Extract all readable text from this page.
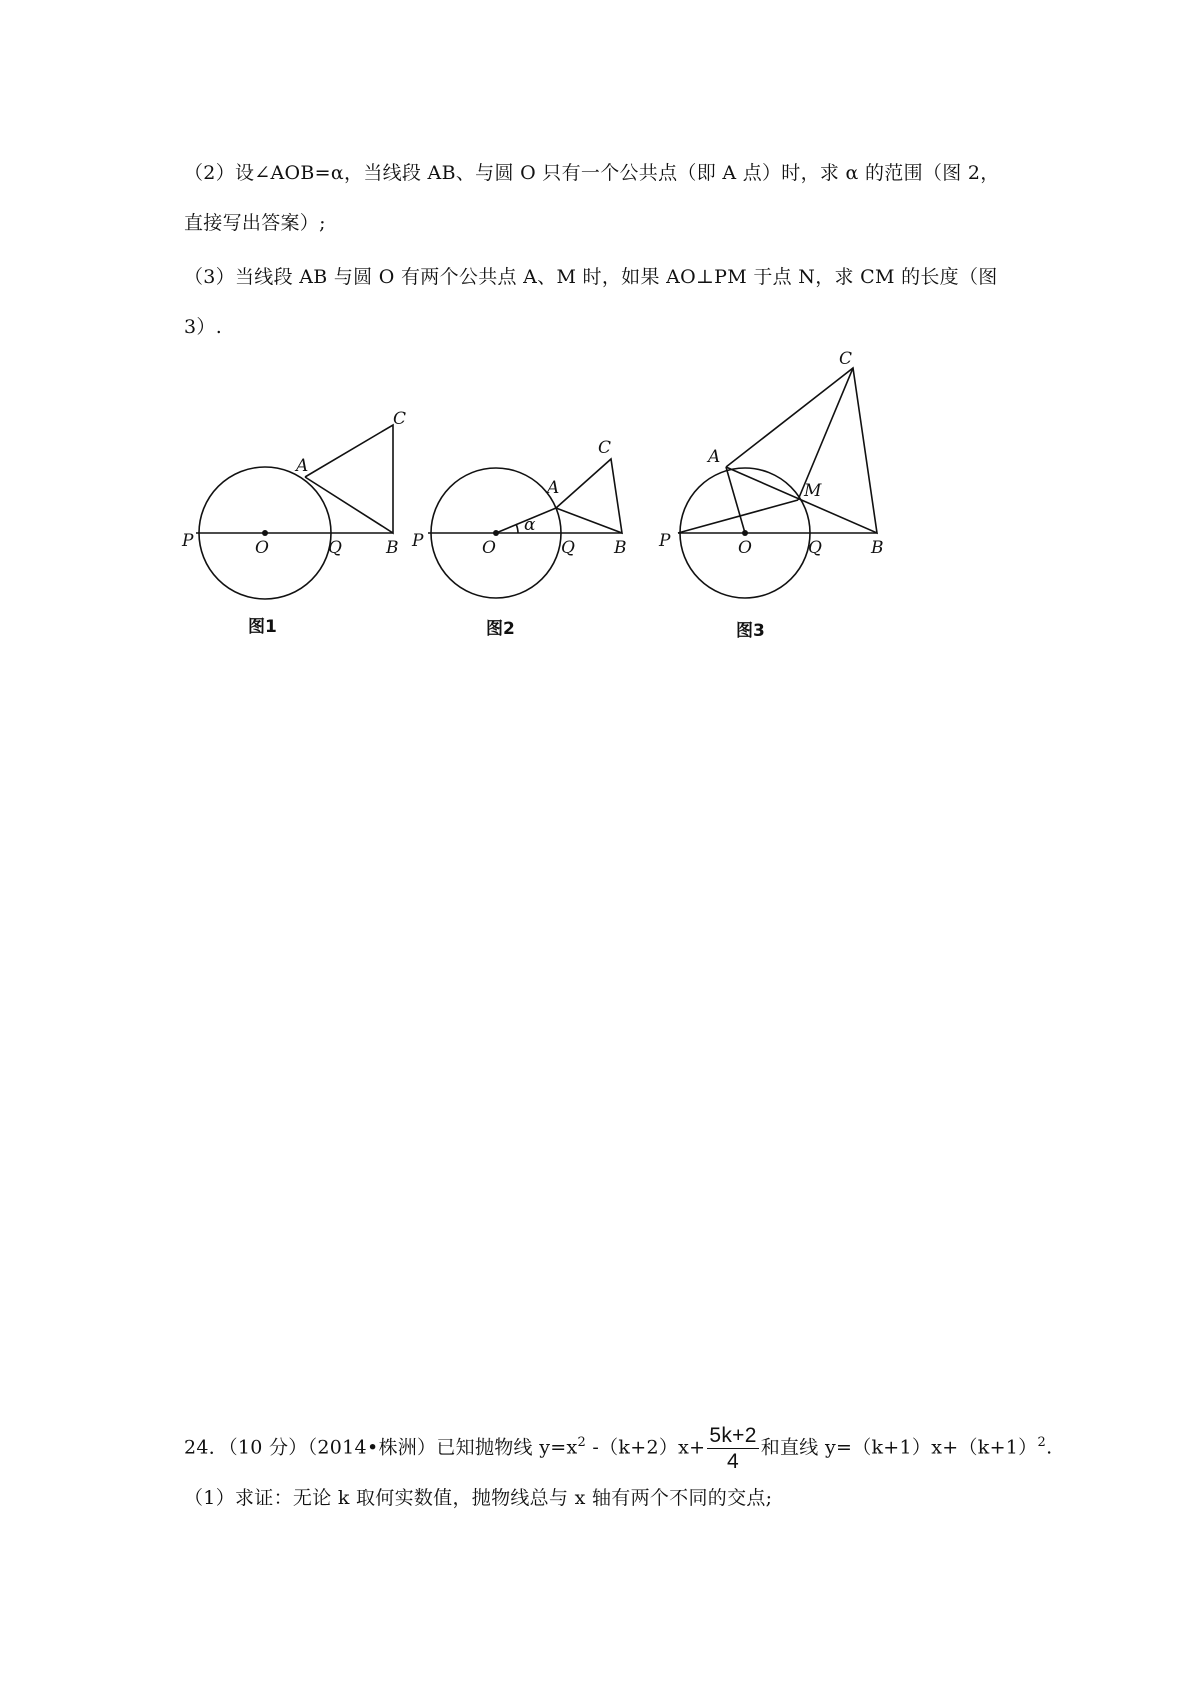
（2）设∠AOB=α，当线段 AB、与圆 O 只有一个公共点（即 A 点）时，求 α 的范围（图 2，
直接写出答案）;
（3）当线段 AB 与圆 O 有两个公共点 A、M 时，如果 AO⊥PM 于点 N，求 CM 的长度（图
3）.
P	O	Q	B
A
C
图1
P	O	Q B
A
C
α
图2
P	O	Q	B
A
M
C
图3
24．（10 分）（2014•株洲）已知抛物线 $y=x^2$ $-(k+2)x+ \frac{5k+2}{4}$ 和直线 $y=(k+1)x+(k+1)^2$.
（1）求证：无论 k 取何实数值，抛物线总与 x 轴有两个不同的交点;
